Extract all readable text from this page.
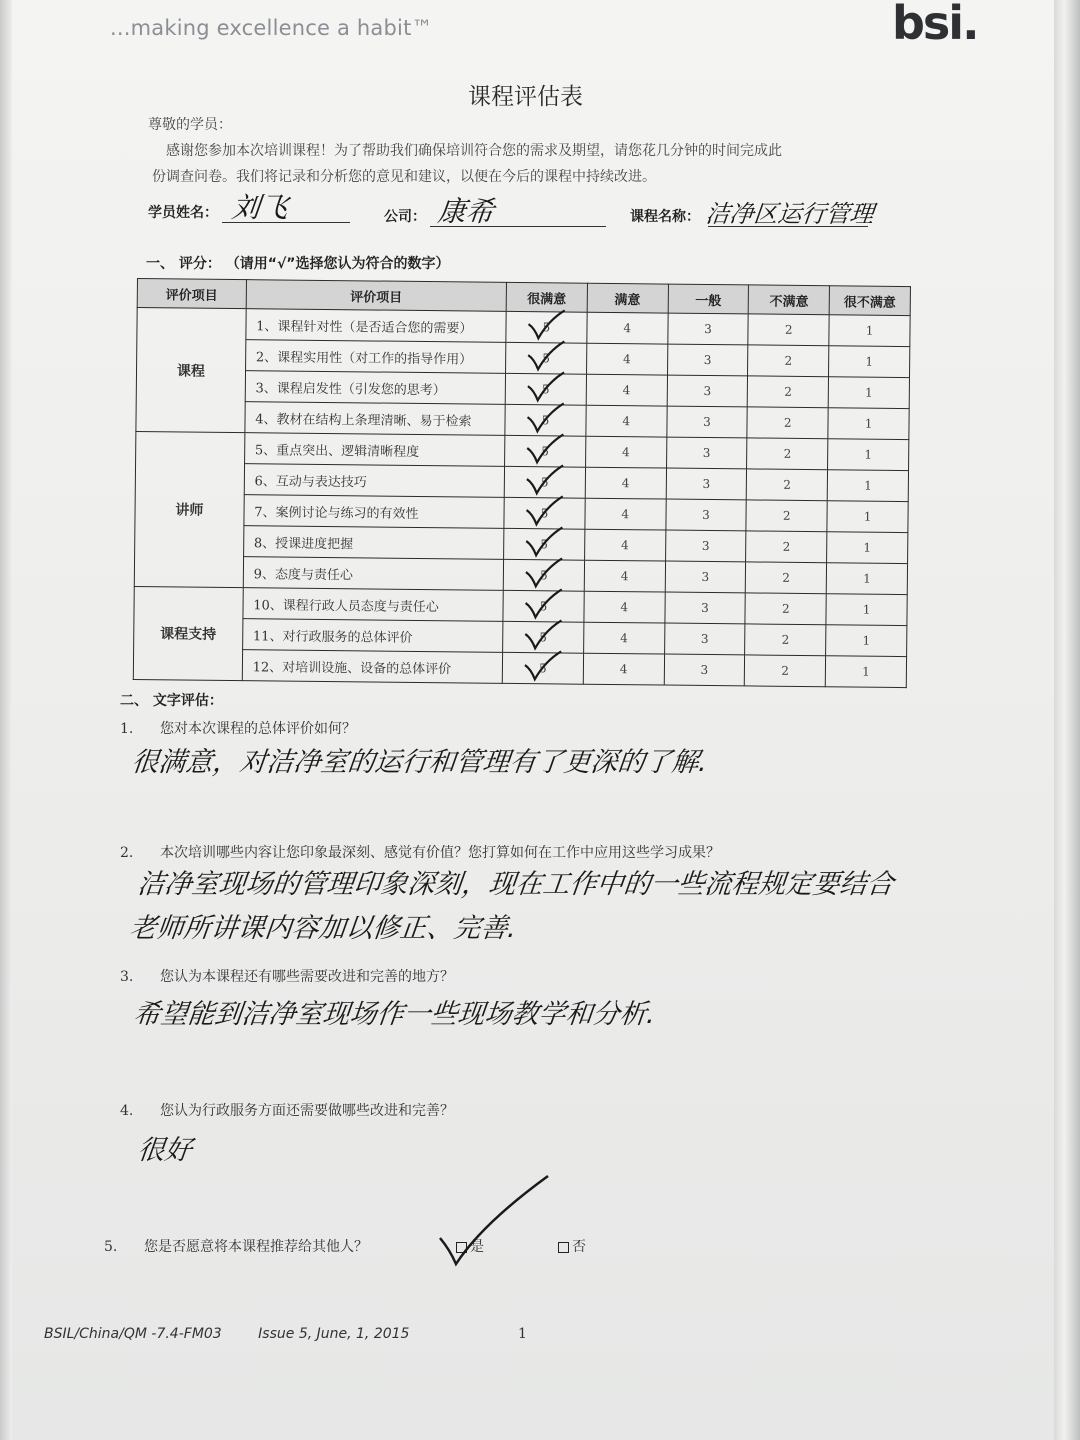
...making excellence a habit™	bsi.
课程评估表
尊敬的学员：
感谢您参加本次培训课程！为了帮助我们确保培训符合您的需求及期望，请您花几分钟的时间完成此
份调查问卷。我们将记录和分析您的意见和建议，以便在今后的课程中持续改进。
学员姓名： 刘飞	公司： 康希	课程名称： 洁净区运行管理
一、 评分： （请用“√”选择您认为符合的数字）
评价项目	评价项目	很满意	满意	一般	不满意	很不满意
课程	1、课程针对性（是否适合您的需要）	5	4	3	2	1
	2、课程实用性（对工作的指导作用）	5	4	3	2	1
	3、课程启发性（引发您的思考）	5	4	3	2	1
	4、教材在结构上条理清晰、易于检索	5	4	3	2	1
讲师	5、重点突出、逻辑清晰程度	5	4	3	2	1
	6、互动与表达技巧	5	4	3	2	1
	7、案例讨论与练习的有效性	5	4	3	2	1
	8、授课进度把握	5	4	3	2	1
	9、态度与责任心	5	4	3	2	1
课程支持	10、课程行政人员态度与责任心	5	4	3	2	1
	11、对行政服务的总体评价	5	4	3	2	1
	12、对培训设施、设备的总体评价	5	4	3	2	1
二、 文字评估：
1. 您对本次课程的总体评价如何？
很满意，对洁净室的运行和管理有了更深的了解.
2. 本次培训哪些内容让您印象最深刻、感觉有价值？您打算如何在工作中应用这些学习成果？
洁净室现场的管理印象深刻，现在工作中的一些流程规定要结合
老师所讲课内容加以修正、完善.
3. 您认为本课程还有哪些需要改进和完善的地方？
希望能到洁净室现场作一些现场教学和分析.
4. 您认为行政服务方面还需要做哪些改进和完善？
很好
5. 您是否愿意将本课程推荐给其他人？	是	否
BSIL/China/QM -7.4-FM03	Issue 5, June, 1, 2015	1
